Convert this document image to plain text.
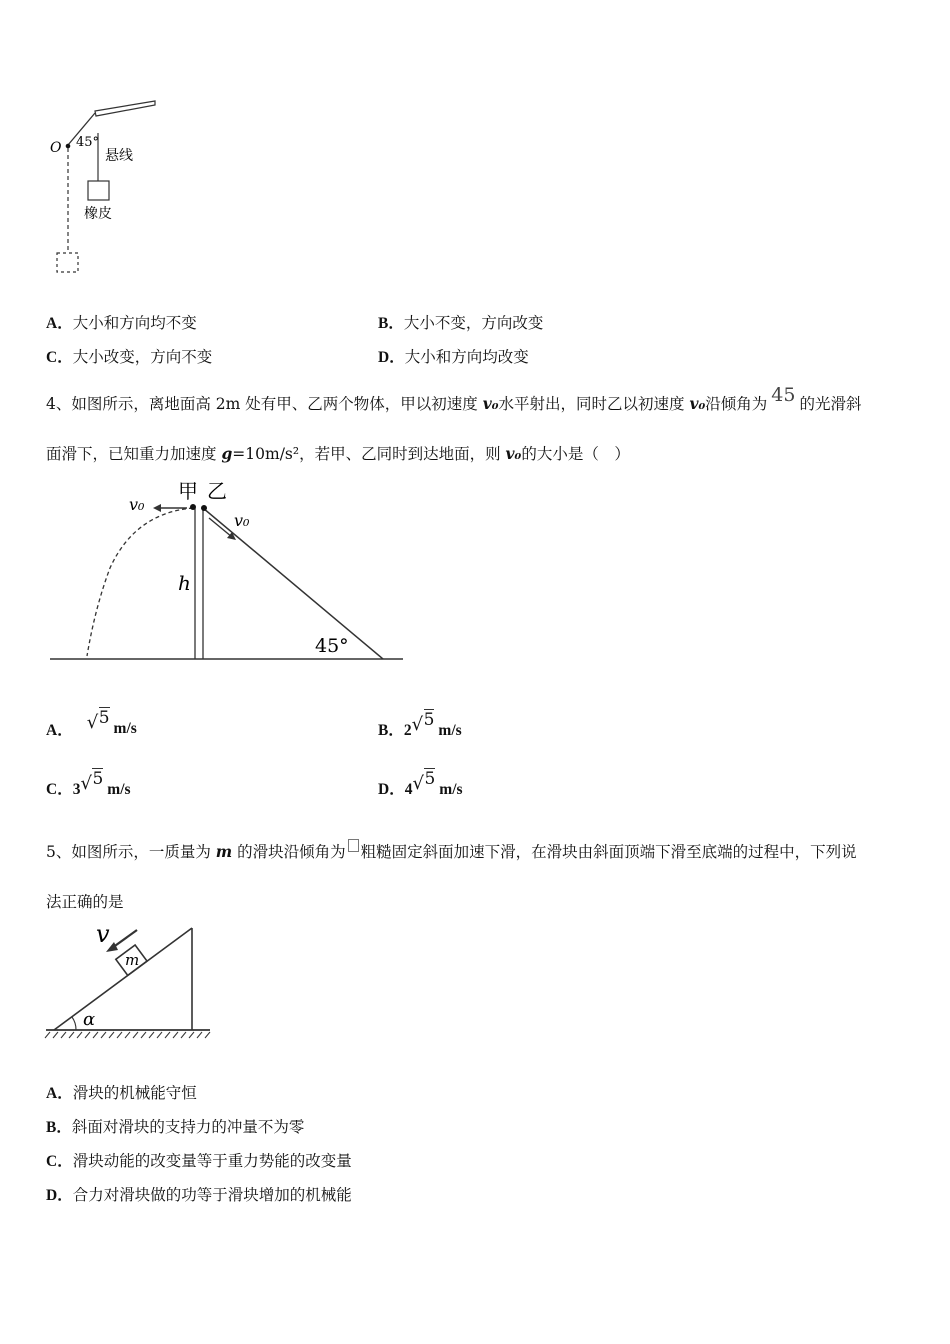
O 45°
悬线
橡皮
A．大小和方向均不变	B．大小不变，方向改变
C．大小改变，方向不变	D．大小和方向均改变
4、如图所示，离地面高 2m 处有甲、乙两个物体，甲以初速度 v₀水平射出，同时乙以初速度 v₀沿倾角为 45 的光滑斜
面滑下，已知重力加速度 g=10m/s²，若甲、乙同时到达地面，则 v₀的大小是（　）
甲 乙
v₀
v₀
h
45°
A． √ 5m/s	B．2 √ 5m/s
C．3 √ 5m/s	D．4 √ 5m/s
5、如图所示，一质量为 m 的滑块沿倾角为 粗糙固定斜面加速下滑，在滑块由斜面顶端下滑至底端的过程中，下列说
法正确的是
α
m
v
A．滑块的机械能守恒
B．斜面对滑块的支持力的冲量不为零
C．滑块动能的改变量等于重力势能的改变量
D．合力对滑块做的功等于滑块增加的机械能
